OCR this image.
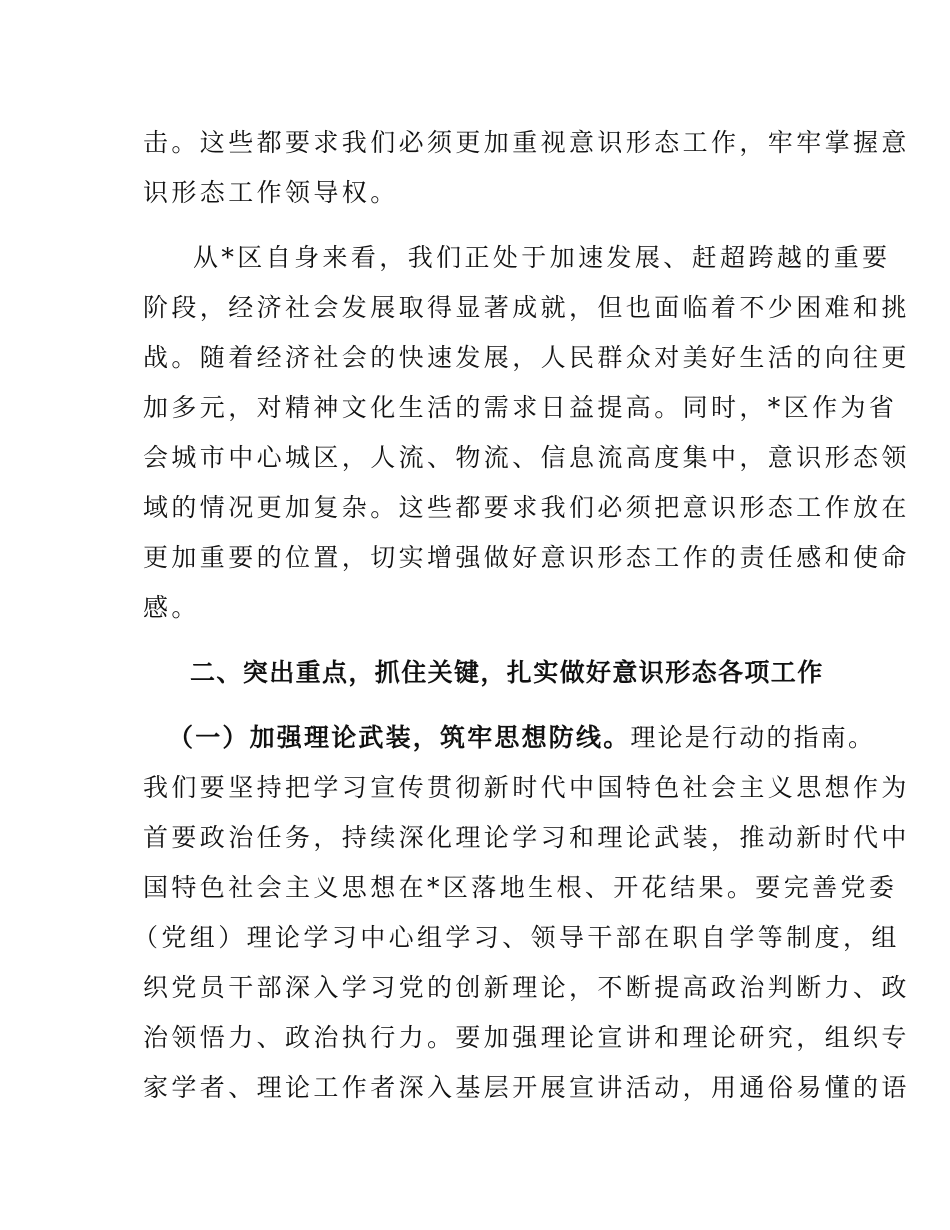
击。这些都要求我们必须更加重视意识形态工作，牢牢掌握意
识形态工作领导权。
从*区自身来看，我们正处于加速发展、赶超跨越的重要
阶段，经济社会发展取得显著成就，但也面临着不少困难和挑
战。随着经济社会的快速发展，人民群众对美好生活的向往更
加多元，对精神文化生活的需求日益提高。同时，*区作为省
会城市中心城区，人流、物流、信息流高度集中，意识形态领
域的情况更加复杂。这些都要求我们必须把意识形态工作放在
更加重要的位置，切实增强做好意识形态工作的责任感和使命
感。
二、突出重点，抓住关键，扎实做好意识形态各项工作
（一）加强理论武装，筑牢思想防线。理论是行动的指南。
我们要坚持把学习宣传贯彻新时代中国特色社会主义思想作为
首要政治任务，持续深化理论学习和理论武装，推动新时代中
国特色社会主义思想在*区落地生根、开花结果。要完善党委
（党组）理论学习中心组学习、领导干部在职自学等制度，组
织党员干部深入学习党的创新理论，不断提高政治判断力、政
治领悟力、政治执行力。要加强理论宣讲和理论研究，组织专
家学者、理论工作者深入基层开展宣讲活动，用通俗易懂的语
